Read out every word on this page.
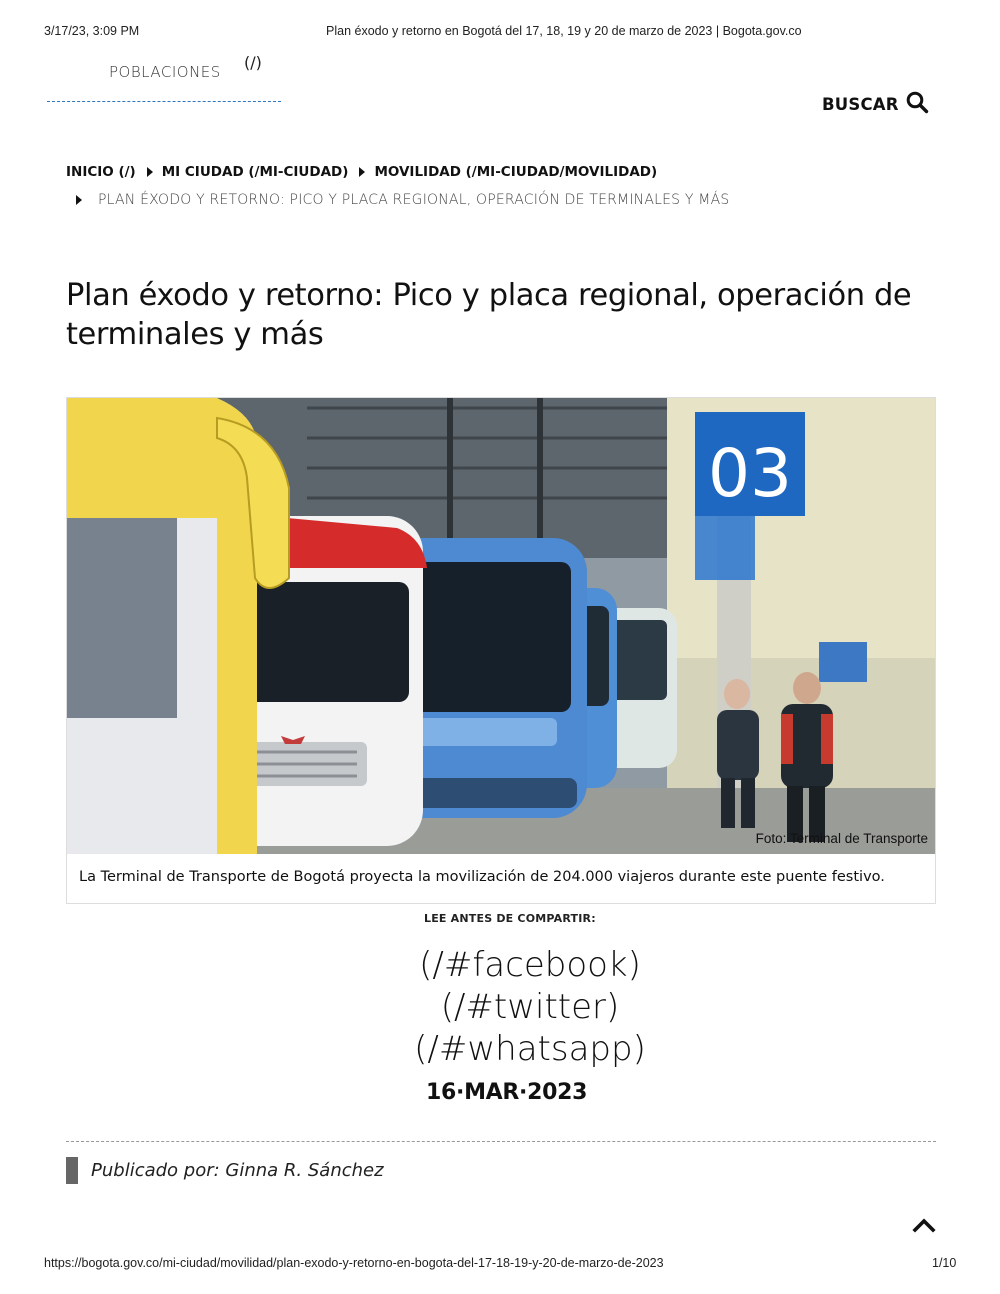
3/17/23, 3:09 PM	Plan éxodo y retorno en Bogotá del 17, 18, 19 y 20 de marzo de 2023 | Bogota.gov.co
POBLACIONES (/)
BUSCAR
INICIO (/) MI CIUDAD (/MI-CIUDAD) MOVILIDAD (/MI-CIUDAD/MOVILIDAD)
PLAN ÉXODO Y RETORNO: PICO Y PLACA REGIONAL, OPERACIÓN DE TERMINALES Y MÁS
Plan éxodo y retorno: Pico y placa regional, operación de terminales y más
03
Foto: Terminal de Transporte
La Terminal de Transporte de Bogotá proyecta la movilización de 204.000 viajeros durante este puente festivo.
LEE ANTES DE COMPARTIR:
(/#facebook)
(/#twitter)
(/#whatsapp)
16·MAR·2023
Publicado por: Ginna R. Sánchez
https://bogota.gov.co/mi-ciudad/movilidad/plan-exodo-y-retorno-en-bogota-del-17-18-19-y-20-de-marzo-de-2023	1/10
